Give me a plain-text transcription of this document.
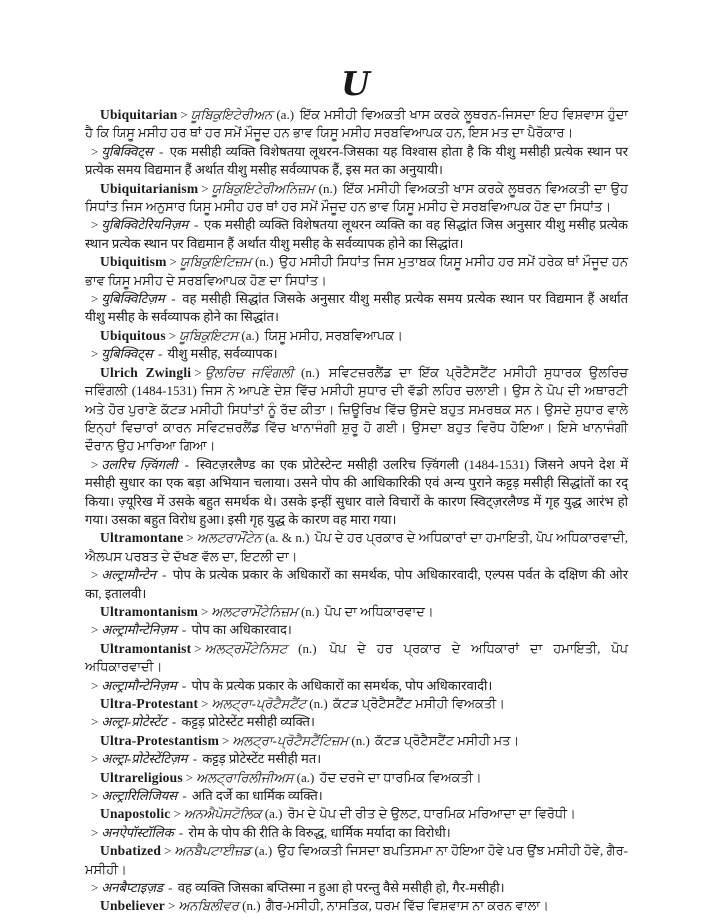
U

Ubiquitarian > ਯੂਬਿਕੁਇਟੇਰੀਅਨ (a.) ਇੱਕ ਮਸੀਹੀ ਵਿਅਕਤੀ ਖਾਸ ਕਰਕੇ ਲੂਥਰਨ-ਜਿਸਦਾ ਇਹ ਵਿਸ਼ਵਾਸ ਹੁੰਦਾ ਹੈ ਕਿ ਯਿਸੂ ਮਸੀਹ ਹਰ ਥਾਂ ਹਰ ਸਮੇਂ ਮੌਜੂਦ ਹਨ ਭਾਵ ਯਿਸੂ ਮਸੀਹ ਸਰਬਵਿਆਪਕ ਹਨ, ਇਸ ਮਤ ਦਾ ਪੈਰੋਕਾਰ।

> युबिक्विट्स - एक मसीही व्यक्ति विशेषतया लूथरन-जिसका यह विश्वास होता है कि यीशु मसीही प्रत्येक स्थान पर प्रत्येक समय विद्यमान हैं अर्थात यीशु मसीह सर्वव्यापक हैं, इस मत का अनुयायी।

Ubiquitarianism > ਯੂਬਿਕੁਇਟੇਰੀਅਨਿਜ਼ਮ (n.) ਇੱਕ ਮਸੀਹੀ ਵਿਅਕਤੀ ਖਾਸ ਕਰਕੇ ਲੂਥਰਨ ਵਿਅਕਤੀ ਦਾ ਉਹ ਸਿਧਾਂਤ ਜਿਸ ਅਨੁਸਾਰ ਯਿਸੂ ਮਸੀਹ ਹਰ ਥਾਂ ਹਰ ਸਮੇਂ ਮੌਜੂਦ ਹਨ ਭਾਵ ਯਿਸੂ ਮਸੀਹ ਦੇ ਸਰਬਵਿਆਪਕ ਹੋਣ ਦਾ ਸਿਧਾਂਤ।

> युबिक्विटेरियनिज़म - एक मसीही व्यक्ति विशेषतया लूथरन व्यक्ति का वह सिद्धांत जिस अनुसार यीशु मसीह प्रत्येक स्थान प्रत्येक स्थान पर विद्यमान हैं अर्थात यीशु मसीह के सर्वव्यापक होने का सिद्धांत।

Ubiquitism > ਯੂਬਿਕੁਇਟਿਜ਼ਮ (n.) ਉਹ ਮਸੀਹੀ ਸਿਧਾਂਤ ਜਿਸ ਮੁਤਾਬਕ ਯਿਸੂ ਮਸੀਹ ਹਰ ਸਮੇਂ ਹਰੇਕ ਥਾਂ ਮੌਜੂਦ ਹਨ ਭਾਵ ਯਿਸੂ ਮਸੀਹ ਦੇ ਸਰਬਵਿਆਪਕ ਹੋਣ ਦਾ ਸਿਧਾਂਤ।

> युबिक्विटिज़म - वह मसीही सिद्धांत जिसके अनुसार यीशु मसीह प्रत्येक समय प्रत्येक स्थान पर विद्यमान हैं अर्थात यीशु मसीह के सर्वव्यापक होने का सिद्धांत।

Ubiquitous > ਯੂਬਿਕੁਇਟਸ (a.) ਯਿਸੂ ਮਸੀਹ, ਸਰਬਵਿਆਪਕ।

> युबिक्विट्स - यीशु मसीह, सर्वव्यापक।

Ulrich Zwingli > ਉਲਰਿਚ ਜਵਿੰਗਲੀ (n.) ਸਵਿਟਜ਼ਰਲੈਂਡ ਦਾ ਇੱਕ ਪ੍ਰੋਟੈਸਟੈਂਟ ਮਸੀਹੀ ਸੁਧਾਰਕ ਉਲਰਿਚ ਜਵਿੰਗਲੀ (1484-1531) ਜਿਸ ਨੇ ਆਪਣੇ ਦੇਸ਼ ਵਿੱਚ ਮਸੀਹੀ ਸੁਧਾਰ ਦੀ ਵੱਡੀ ਲਹਿਰ ਚਲਾਈ। ਉਸ ਨੇ ਪੋਪ ਦੀ ਅਥਾਰਟੀ ਅਤੇ ਹੋਰ ਪੁਰਾਣੇ ਕੱਟੜ ਮਸੀਹੀ ਸਿਧਾਂਤਾਂ ਨੂੰ ਰੱਦ ਕੀਤਾ। ਜ਼ਿਊਰਿਖ ਵਿੱਚ ਉਸਦੇ ਬਹੁਤ ਸਮਰਥਕ ਸਨ। ਉਸਦੇ ਸੁਧਾਰ ਵਾਲੇ ਇਨ੍ਹਾਂ ਵਿਚਾਰਾਂ ਕਾਰਨ ਸਵਿਟਜ਼ਰਲੈਂਡ ਵਿੱਚ ਖਾਨਾਜੰਗੀ ਸ਼ੁਰੂ ਹੋ ਗਈ। ਉਸਦਾ ਬਹੁਤ ਵਿਰੋਧ ਹੋਇਆ। ਇਸੇ ਖਾਨਾਜੰਗੀ ਦੌਰਾਨ ਉਹ ਮਾਰਿਆ ਗਿਆ।

> उलरिच ज़्विंगली - स्विटज़रलैण्ड का एक प्रोटेस्टेन्ट मसीही उलरिच ज़्विंगली (1484-1531) जिसने अपने देश में मसीही सुधार का एक बड़ा अभियान चलाया। उसने पोप की आधिकारिकी एवं अन्य पुराने कट्टड़ मसीही सिद्धांतों का रद् किया। ज़्यूरिख में उसके बहुत समर्थक थे। उसके इन्हीं सुधार वाले विचारों के कारण स्विट्ज़रलैण्ड में गृह युद्ध आरंभ हो गया। उसका बहुत विरोध हुआ। इसी गृह युद्ध के कारण वह मारा गया।

Ultramontane > ਅਲਟਰਾਮੌਂਟੇਨ (a. & n.) ਪੋਪ ਦੇ ਹਰ ਪ੍ਰਕਾਰ ਦੇ ਅਧਿਕਾਰਾਂ ਦਾ ਹਮਾਇਤੀ, ਪੋਪ ਅਧਿਕਾਰਵਾਦੀ, ਐਲਪਸ ਪਰਬਤ ਦੇ ਦੱਖਣ ਵੱਲ ਦਾ, ਇਟਲੀ ਦਾ।

> अल्ट्रामौन्टेन - पोप के प्रत्येक प्रकार के अधिकारों का समर्थक, पोप अधिकारवादी, एल्पस पर्वत के दक्षिण की ओर का, इतालवी।

Ultramontanism > ਅਲਟਰਾਮੌਂਟੇਨਿਜ਼ਮ (n.) ਪੋਪ ਦਾ ਅਧਿਕਾਰਵਾਦ।

> अल्ट्रामौन्टेनिज़म - पोप का अधिकारवाद।

Ultramontanist > ਅਲਟ੍ਰਮੌਂਟੇਨਿਸਟ (n.) ਪੋਪ ਦੇ ਹਰ ਪ੍ਰਕਾਰ ਦੇ ਅਧਿਕਾਰਾਂ ਦਾ ਹਮਾਇਤੀ, ਪੋਪ ਅਧਿਕਾਰਵਾਦੀ।

> अल्ट्रामौन्टेनिज़म - पोप के प्रत्येक प्रकार के अधिकारों का समर्थक, पोप अधिकारवादी।

Ultra-Protestant > ਅਲਟ੍ਰਾ-ਪ੍ਰੋਟੈਸਟੈਂਟ (n.) ਕੱਟੜ ਪ੍ਰੋਟੈਸਟੈਂਟ ਮਸੀਹੀ ਵਿਅਕਤੀ।

> अल्ट्रा-प्रोटेस्टेंट - कट्टड़ प्रोटेस्टेंट मसीही व्यक्ति।

Ultra-Protestantism > ਅਲਟ੍ਰਾ-ਪ੍ਰੋਟੈਸਟੈਂਟਿਜ਼ਮ (n.) ਕੱਟੜ ਪ੍ਰੋਟੈਸਟੈਂਟ ਮਸੀਹੀ ਮਤ।

> अल्ट्रा-प्रोटेस्टेंटिज़म - कट्टड़ प्रोटेस्टेंट मसीही मत।

Ultrareligious > ਅਲਟ੍ਰਾਰਿਲੀਜੀਅਸ (a.) ਹੱਦ ਦਰਜੇ ਦਾ ਧਾਰਮਿਕ ਵਿਅਕਤੀ।

> अल्ट्रारिलिजियस - अति दर्जे का धार्मिक व्यक्ति।

Unapostolic > ਅਨਐਪੋਸਟੋਲਿਕ (a.) ਰੋਮ ਦੇ ਪੋਪ ਦੀ ਰੀਤ ਦੇ ਉਲਟ, ਧਾਰਮਿਕ ਮਰਿਆਦਾ ਦਾ ਵਿਰੋਧੀ।

> अनऐपॉस्टॉलिक - रोम के पोप की रीति के विरुद्ध, धार्मिक मर्यादा का विरोधी।

Unbatized > ਅਨਬੈਪਟਾਈਜ਼ਡ (a.) ਉਹ ਵਿਅਕਤੀ ਜਿਸਦਾ ਬਪਤਿਸਮਾ ਨਾ ਹੋਇਆ ਹੋਵੇ ਪਰ ਉਂਝ ਮਸੀਹੀ ਹੋਵੇ, ਗੈਰ-ਮਸੀਹੀ।

> अनबैप्टाइज़ड - वह व्यक्ति जिसका बप्तिस्मा न हुआ हो परन्तु वैसे मसीही हो, गैर-मसीही।

Unbeliever > ਅਨਬਿਲੀਵਰ (n.) ਗੈਰ-ਮਸੀਹੀ, ਨਾਸਤਿਕ, ਧਰਮ ਵਿੱਚ ਵਿਸ਼ਵਾਸ ਨਾ ਕਰਨ ਵਾਲਾ।
